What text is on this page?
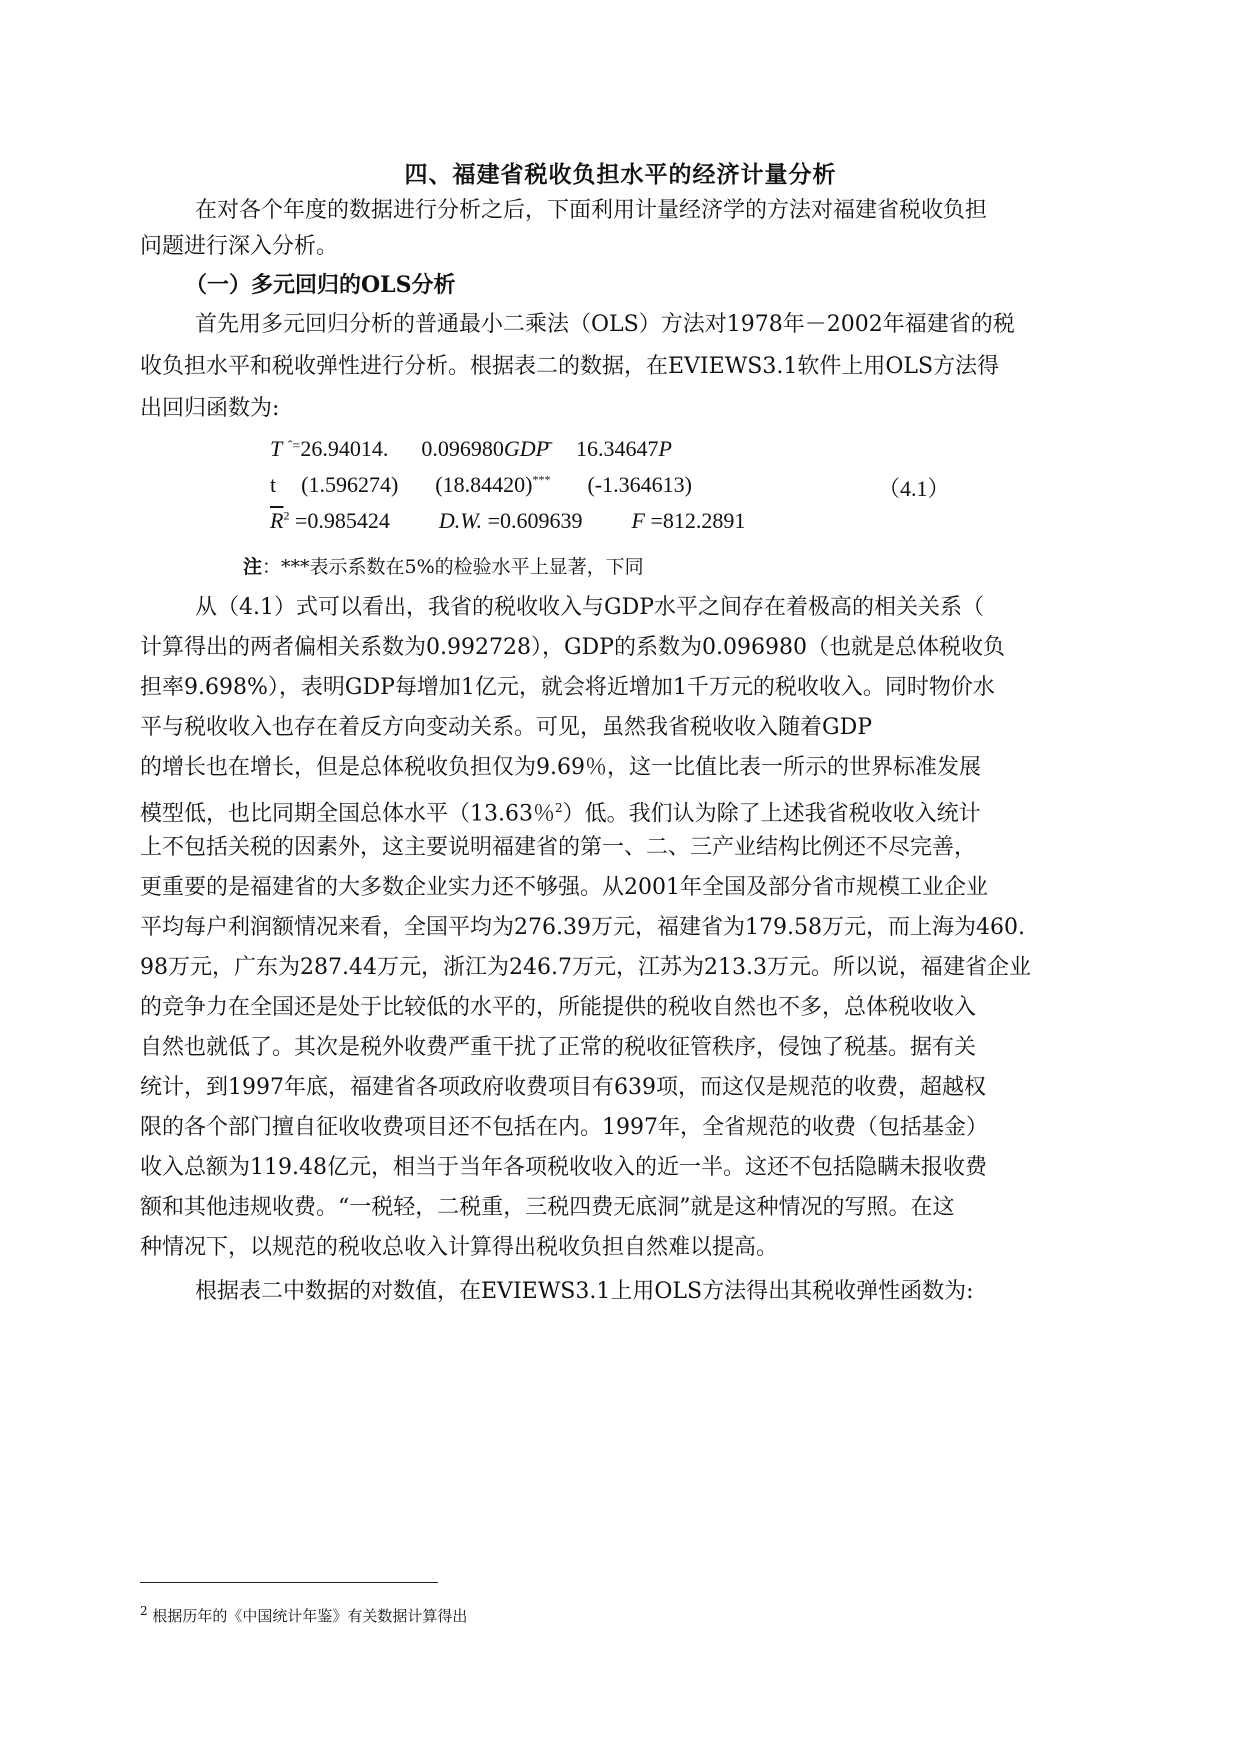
四、福建省税收负担水平的经济计量分析
在对各个年度的数据进行分析之后，下面利用计量经济学的方法对福建省税收负担
问题进行深入分析。
（一）多元回归的OLS分析
首先用多元回归分析的普通最小二乘法（OLS）方法对1978年－2002年福建省的税
收负担水平和税收弹性进行分析。根据表二的数据，在EVIEWS3.1软件上用OLS方法得
出回归函数为:
T $^{ˆ=}$26.94014. 0.096980GDP 16.34647P
t (1.596274) (18.84420)*** (-1.364613)	（4.1）
$\overline{R}^2 =0.985424$ D.W. =0.609639 F =812.2891
注：***表示系数在5%的检验水平上显著，下同
从（4.1）式可以看出，我省的税收收入与GDP水平之间存在着极高的相关关系（
计算得出的两者偏相关系数为0.992728），GDP的系数为0.096980（也就是总体税收负
担率9.698%），表明GDP每增加1亿元，就会将近增加1千万元的税收收入。同时物价水
平与税收收入也存在着反方向变动关系。可见，虽然我省税收收入随着GDP
的增长也在增长，但是总体税收负担仅为9.69％，这一比值比表一所示的世界标准发展
模型低，也比同期全国总体水平（13.63％$^2$）低。我们认为除了上述我省税收收入统计
上不包括关税的因素外，这主要说明福建省的第一、二、三产业结构比例还不尽完善，
更重要的是福建省的大多数企业实力还不够强。从2001年全国及部分省市规模工业企业
平均每户利润额情况来看，全国平均为276.39万元，福建省为179.58万元，而上海为460.
98万元，广东为287.44万元，浙江为246.7万元，江苏为213.3万元。所以说，福建省企业
的竞争力在全国还是处于比较低的水平的，所能提供的税收自然也不多，总体税收收入
自然也就低了。其次是税外收费严重干扰了正常的税收征管秩序，侵蚀了税基。据有关
统计，到1997年底，福建省各项政府收费项目有639项，而这仅是规范的收费，超越权
限的各个部门擅自征收收费项目还不包括在内。1997年，全省规范的收费（包括基金）
收入总额为119.48亿元，相当于当年各项税收收入的近一半。这还不包括隐瞒未报收费
额和其他违规收费。“一税轻，二税重，三税四费无底洞”就是这种情况的写照。在这
种情况下，以规范的税收总收入计算得出税收负担自然难以提高。
根据表二中数据的对数值，在EVIEWS3.1上用OLS方法得出其税收弹性函数为:
$^2$ 根据历年的《中国统计年鉴》有关数据计算得出
